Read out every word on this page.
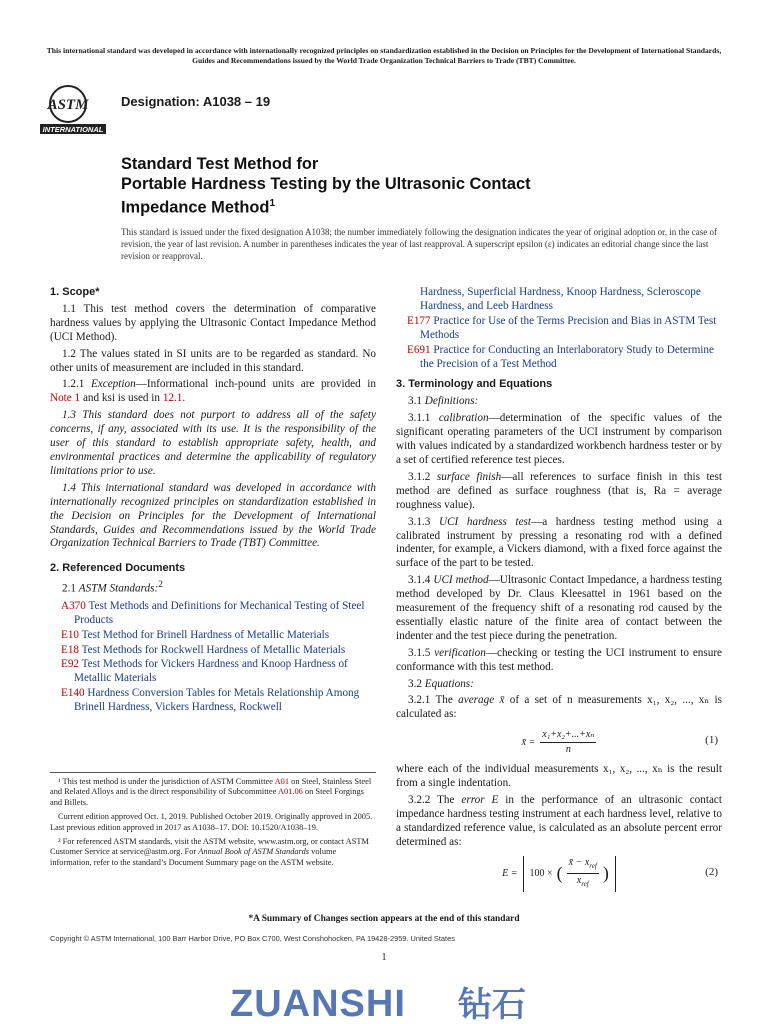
This international standard was developed in accordance with internationally recognized principles on standardization established in the Decision on Principles for the Development of International Standards, Guides and Recommendations issued by the World Trade Organization Technical Barriers to Trade (TBT) Committee.
ASTM
INTERNATIONAL
Designation: A1038 – 19
Standard Test Method for
Portable Hardness Testing by the Ultrasonic Contact
Impedance Method$^1$
This standard is issued under the fixed designation A1038; the number immediately following the designation indicates the year of original adoption or, in the case of revision, the year of last revision. A number in parentheses indicates the year of last reapproval. A superscript epsilon (ε) indicates an editorial change since the last revision or reapproval.
1. Scope*
1.1 This test method covers the determination of comparative hardness values by applying the Ultrasonic Contact Impedance Method (UCI Method).
1.2 The values stated in SI units are to be regarded as standard. No other units of measurement are included in this standard.
1.2.1 Exception—Informational inch-pound units are provided in Note 1 and ksi is used in 12.1.
1.3 This standard does not purport to address all of the safety concerns, if any, associated with its use. It is the responsibility of the user of this standard to establish appropriate safety, health, and environmental practices and determine the applicability of regulatory limitations prior to use.
1.4 This international standard was developed in accordance with internationally recognized principles on standardization established in the Decision on Principles for the Development of International Standards, Guides and Recommendations issued by the World Trade Organization Technical Barriers to Trade (TBT) Committee.
2. Referenced Documents
2.1 ASTM Standards:$^2$
A370 Test Methods and Definitions for Mechanical Testing of Steel Products
E10 Test Method for Brinell Hardness of Metallic Materials
E18 Test Methods for Rockwell Hardness of Metallic Materials
E92 Test Methods for Vickers Hardness and Knoop Hardness of Metallic Materials
E140 Hardness Conversion Tables for Metals Relationship Among Brinell Hardness, Vickers Hardness, Rockwell
¹ This test method is under the jurisdiction of ASTM Committee A01 on Steel, Stainless Steel and Related Alloys and is the direct responsibility of Subcommittee A01.06 on Steel Forgings and Billets.
Current edition approved Oct. 1, 2019. Published October 2019. Originally approved in 2005. Last previous edition approved in 2017 as A1038–17. DOI: 10.1520/A1038–19.
² For referenced ASTM standards, visit the ASTM website, www.astm.org, or contact ASTM Customer Service at service@astm.org. For Annual Book of ASTM Standards volume information, refer to the standard’s Document Summary page on the ASTM website.
Hardness, Superficial Hardness, Knoop Hardness, Scleroscope Hardness, and Leeb Hardness
E177 Practice for Use of the Terms Precision and Bias in ASTM Test Methods
E691 Practice for Conducting an Interlaboratory Study to Determine the Precision of a Test Method
3. Terminology and Equations
3.1 Definitions:
3.1.1 calibration—determination of the specific values of the significant operating parameters of the UCI instrument by comparison with values indicated by a standardized workbench hardness tester or by a set of certified reference test pieces.
3.1.2 surface finish—all references to surface finish in this test method are defined as surface roughness (that is, Ra = average roughness value).
3.1.3 UCI hardness test—a hardness testing method using a calibrated instrument by pressing a resonating rod with a defined indenter, for example, a Vickers diamond, with a fixed force against the surface of the part to be tested.
3.1.4 UCI method—Ultrasonic Contact Impedance, a hardness testing method developed by Dr. Claus Kleesattel in 1961 based on the measurement of the frequency shift of a resonating rod caused by the essentially elastic nature of the finite area of contact between the indenter and the test piece during the penetration.
3.1.5 verification—checking or testing the UCI instrument to ensure conformance with this test method.
3.2 Equations:
3.2.1 The average x̄ of a set of n measurements x₁, x₂, ..., xₙ is calculated as:
x̄ = $\frac{\text{x₁+x₂+...+xₙ}}{n}$	(1)
where each of the individual measurements x₁, x₂, ..., xₙ is the result from a single indentation.
3.2.2 The error E in the performance of an ultrasonic contact impedance hardness testing instrument at each hardness level, relative to a standardized reference value, is calculated as an absolute percent error determined as:
E = 100 × (
x̄ − $x_{ref}$
$x_{ref}$
)	(2)
*A Summary of Changes section appears at the end of this standard
Copyright © ASTM International, 100 Barr Harbor Drive, PO Box C700, West Conshohocken, PA 19428-2959. United States
1
ZUANSHI 钻石
